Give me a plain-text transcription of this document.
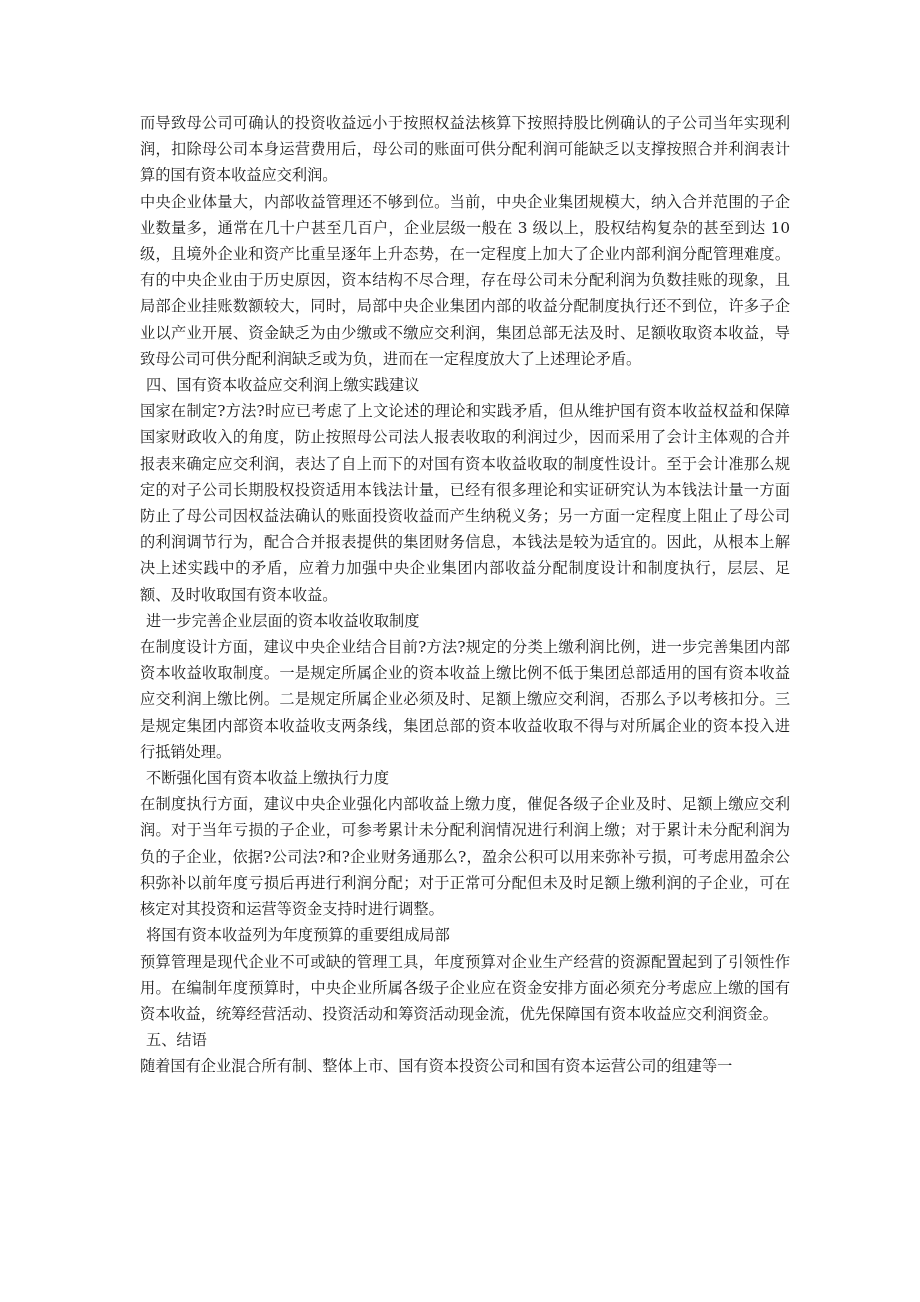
而导致母公司可确认的投资收益远小于按照权益法核算下按照持股比例确认的子公司当年实现利润，扣除母公司本身运营费用后，母公司的账面可供分配利润可能缺乏以支撑按照合并利润表计算的国有资本收益应交利润。

中央企业体量大，内部收益管理还不够到位。当前，中央企业集团规模大，纳入合并范围的子企业数量多，通常在几十户甚至几百户，企业层级一般在 3 级以上，股权结构复杂的甚至到达 10 级，且境外企业和资产比重呈逐年上升态势，在一定程度上加大了企业内部利润分配管理难度。有的中央企业由于历史原因，资本结构不尽合理，存在母公司未分配利润为负数挂账的现象，且局部企业挂账数额较大，同时，局部中央企业集团内部的收益分配制度执行还不到位，许多子企业以产业开展、资金缺乏为由少缴或不缴应交利润，集团总部无法及时、足额收取资本收益，导致母公司可供分配利润缺乏或为负，进而在一定程度放大了上述理论矛盾。

四、国有资本收益应交利润上缴实践建议

国家在制定?方法?时应已考虑了上文论述的理论和实践矛盾，但从维护国有资本收益权益和保障国家财政收入的角度，防止按照母公司法人报表收取的利润过少，因而采用了会计主体观的合并报表来确定应交利润，表达了自上而下的对国有资本收益收取的制度性设计。至于会计准那么规定的对子公司长期股权投资适用本钱法计量，已经有很多理论和实证研究认为本钱法计量一方面防止了母公司因权益法确认的账面投资收益而产生纳税义务；另一方面一定程度上阻止了母公司的利润调节行为，配合合并报表提供的集团财务信息，本钱法是较为适宜的。因此，从根本上解决上述实践中的矛盾，应着力加强中央企业集团内部收益分配制度设计和制度执行，层层、足额、及时收取国有资本收益。

进一步完善企业层面的资本收益收取制度

在制度设计方面，建议中央企业结合目前?方法?规定的分类上缴利润比例，进一步完善集团内部资本收益收取制度。一是规定所属企业的资本收益上缴比例不低于集团总部适用的国有资本收益应交利润上缴比例。二是规定所属企业必须及时、足额上缴应交利润，否那么予以考核扣分。三是规定集团内部资本收益收支两条线，集团总部的资本收益收取不得与对所属企业的资本投入进行抵销处理。

不断强化国有资本收益上缴执行力度

在制度执行方面，建议中央企业强化内部收益上缴力度，催促各级子企业及时、足额上缴应交利润。对于当年亏损的子企业，可参考累计未分配利润情况进行利润上缴；对于累计未分配利润为负的子企业，依据?公司法?和?企业财务通那么?，盈余公积可以用来弥补亏损，可考虑用盈余公积弥补以前年度亏损后再进行利润分配；对于正常可分配但未及时足额上缴利润的子企业，可在核定对其投资和运营等资金支持时进行调整。

将国有资本收益列为年度预算的重要组成局部

预算管理是现代企业不可或缺的管理工具，年度预算对企业生产经营的资源配置起到了引领性作用。在编制年度预算时，中央企业所属各级子企业应在资金安排方面必须充分考虑应上缴的国有资本收益，统筹经营活动、投资活动和筹资活动现金流，优先保障国有资本收益应交利润资金。

五、结语

随着国有企业混合所有制、整体上市、国有资本投资公司和国有资本运营公司的组建等一
